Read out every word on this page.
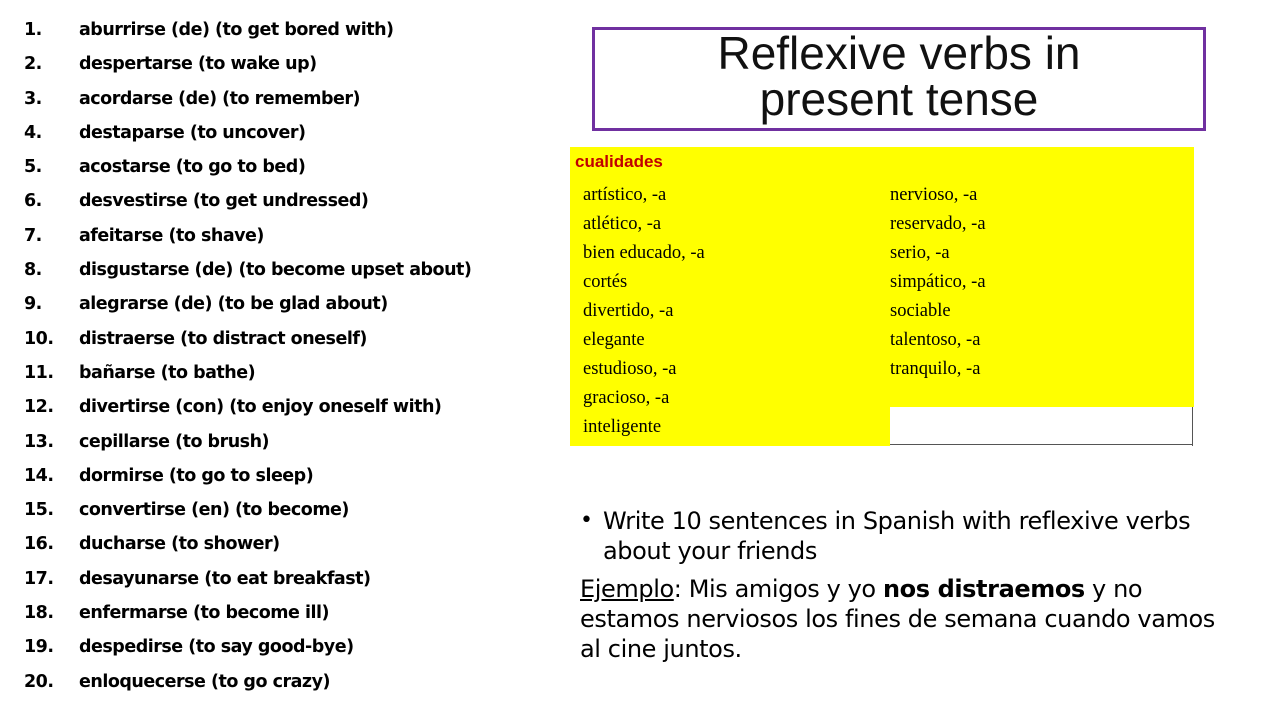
1.	aburrirse (de) (to get bored with)
2.	despertarse (to wake up)
3.	acordarse (de) (to remember)
4.	destaparse (to uncover)
5.	acostarse (to go to bed)
6.	desvestirse (to get undressed)
7.	afeitarse (to shave)
8.	disgustarse (de) (to become upset about)
9.	alegrarse (de) (to be glad about)
10.	distraerse (to distract oneself)
11.	bañarse (to bathe)
12.	divertirse (con) (to enjoy oneself with)
13.	cepillarse (to brush)
14.	dormirse (to go to sleep)
15.	convertirse (en) (to become)
16.	ducharse (to shower)
17.	desayunarse (to eat breakfast)
18.	enfermarse (to become ill)
19.	despedirse (to say good-bye)
20.	enloquecerse (to go crazy)
Reflexive verbs in
present tense
cualidades
artístico, -a
atlético, -a
bien educado, -a
cortés
divertido, -a
elegante
estudioso, -a
gracioso, -a
inteligente
nervioso, -a
reservado, -a
serio, -a
simpático, -a
sociable
talentoso, -a
tranquilo, -a
• Write 10 sentences in Spanish with reflexive verbs about your friends
Ejemplo: Mis amigos y yo nos distraemos y no estamos nerviosos los fines de semana cuando vamos al cine juntos.
